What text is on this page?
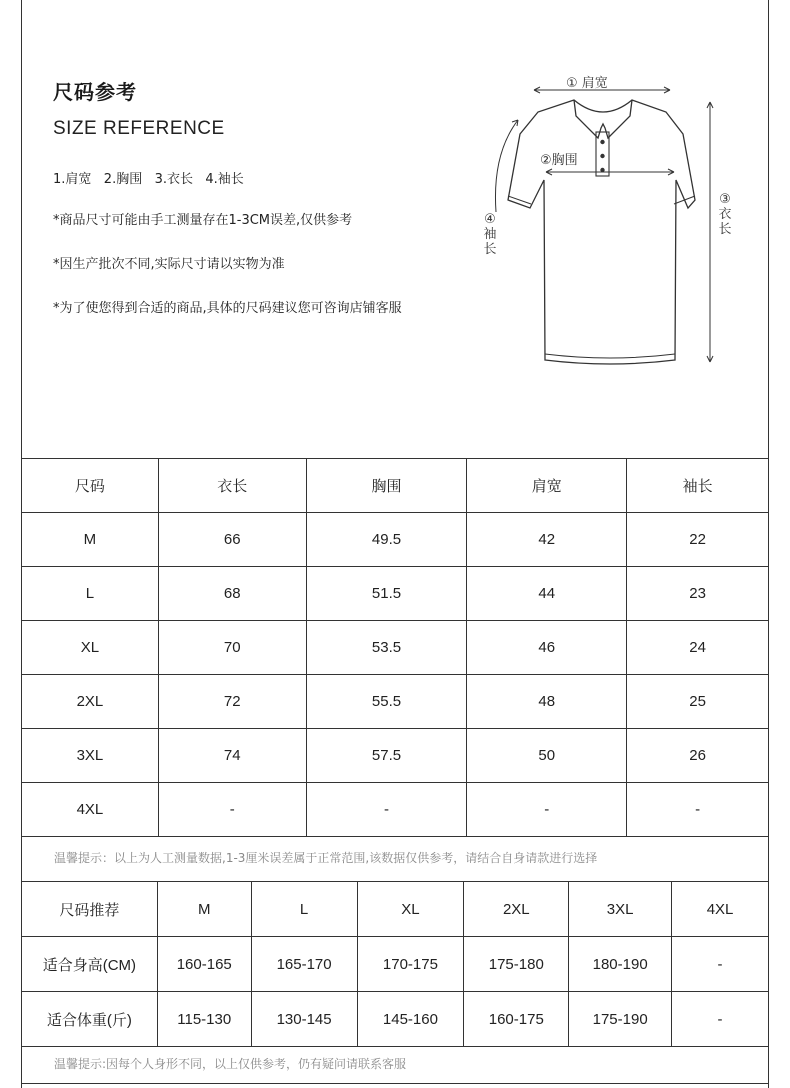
尺码参考
SIZE REFERENCE
1.肩宽   2.胸围   3.衣长   4.袖长
*商品尺寸可能由手工测量存在1-3CM误差,仅供参考
*因生产批次不同,实际尺寸请以实物为准
*为了使您得到合适的商品,具体的尺码建议您可咨询店铺客服
① 肩宽
②胸围
③
衣
长
④
袖
长
尺码	衣长	胸围	肩宽	袖长
M	66	49.5	42	22
L	68	51.5	44	23
XL	70	53.5	46	24
2XL	72	55.5	48	25
3XL	74	57.5	50	26
4XL	-	-	-	-
温馨提示：以上为人工测量数据,1-3厘米误差属于正常范围,该数据仅供参考，请结合自身请款进行选择
尺码推荐	M	L	XL	2XL	3XL	4XL
适合身高(CM)	160-165	165-170	170-175	175-180	180-190	-
适合体重(斤)	115-130	130-145	145-160	160-175	175-190	-
温馨提示:因每个人身形不同，以上仅供参考，仍有疑问请联系客服
